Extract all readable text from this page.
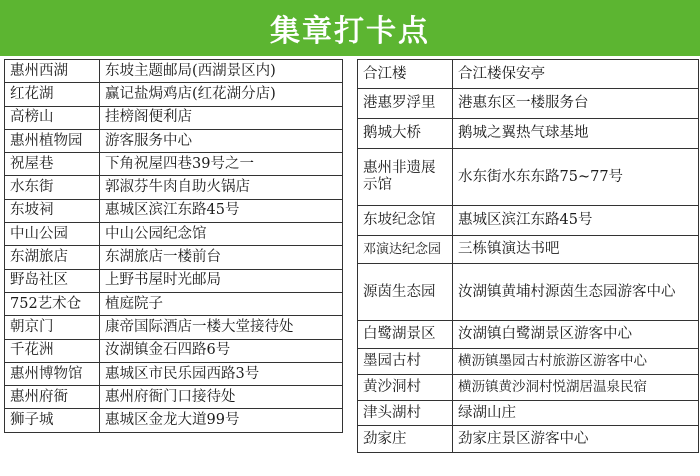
集章打卡点
惠州西湖	东坡主题邮局(西湖景区内)
红花湖	赢记盐焗鸡店(红花湖分店)
高榜山	挂榜阁便利店
惠州植物园	游客服务中心
祝屋巷	下角祝屋四巷39号之一
水东街	郭淑芬牛肉自助火锅店
东坡祠	惠城区滨江东路45号
中山公园	中山公园纪念馆
东湖旅店	东湖旅店一楼前台
野岛社区	上野书屋时光邮局
752艺术仓	植庭院子
朝京门	康帝国际酒店一楼大堂接待处
千花洲	汝湖镇金石四路6号
惠州博物馆	惠城区市民乐园西路3号
惠州府衙	惠州府衙门口接待处
狮子城	惠城区金龙大道99号
合江楼	合江楼保安亭
港惠罗浮里	港惠东区一楼服务台
鹅城大桥	鹅城之翼热气球基地
惠州非遗展示馆	水东街水东东路75~77号
东坡纪念馆	惠城区滨江东路45号
邓演达纪念园	三栋镇演达书吧
源茵生态园	汝湖镇黄埔村源茵生态园游客中心
白鹭湖景区	汝湖镇白鹭湖景区游客中心
墨园古村	横沥镇墨园古村旅游区游客中心
黄沙洞村	横沥镇黄沙洞村悦湖居温泉民宿
津头湖村	绿湖山庄
劲家庄	劲家庄景区游客中心
